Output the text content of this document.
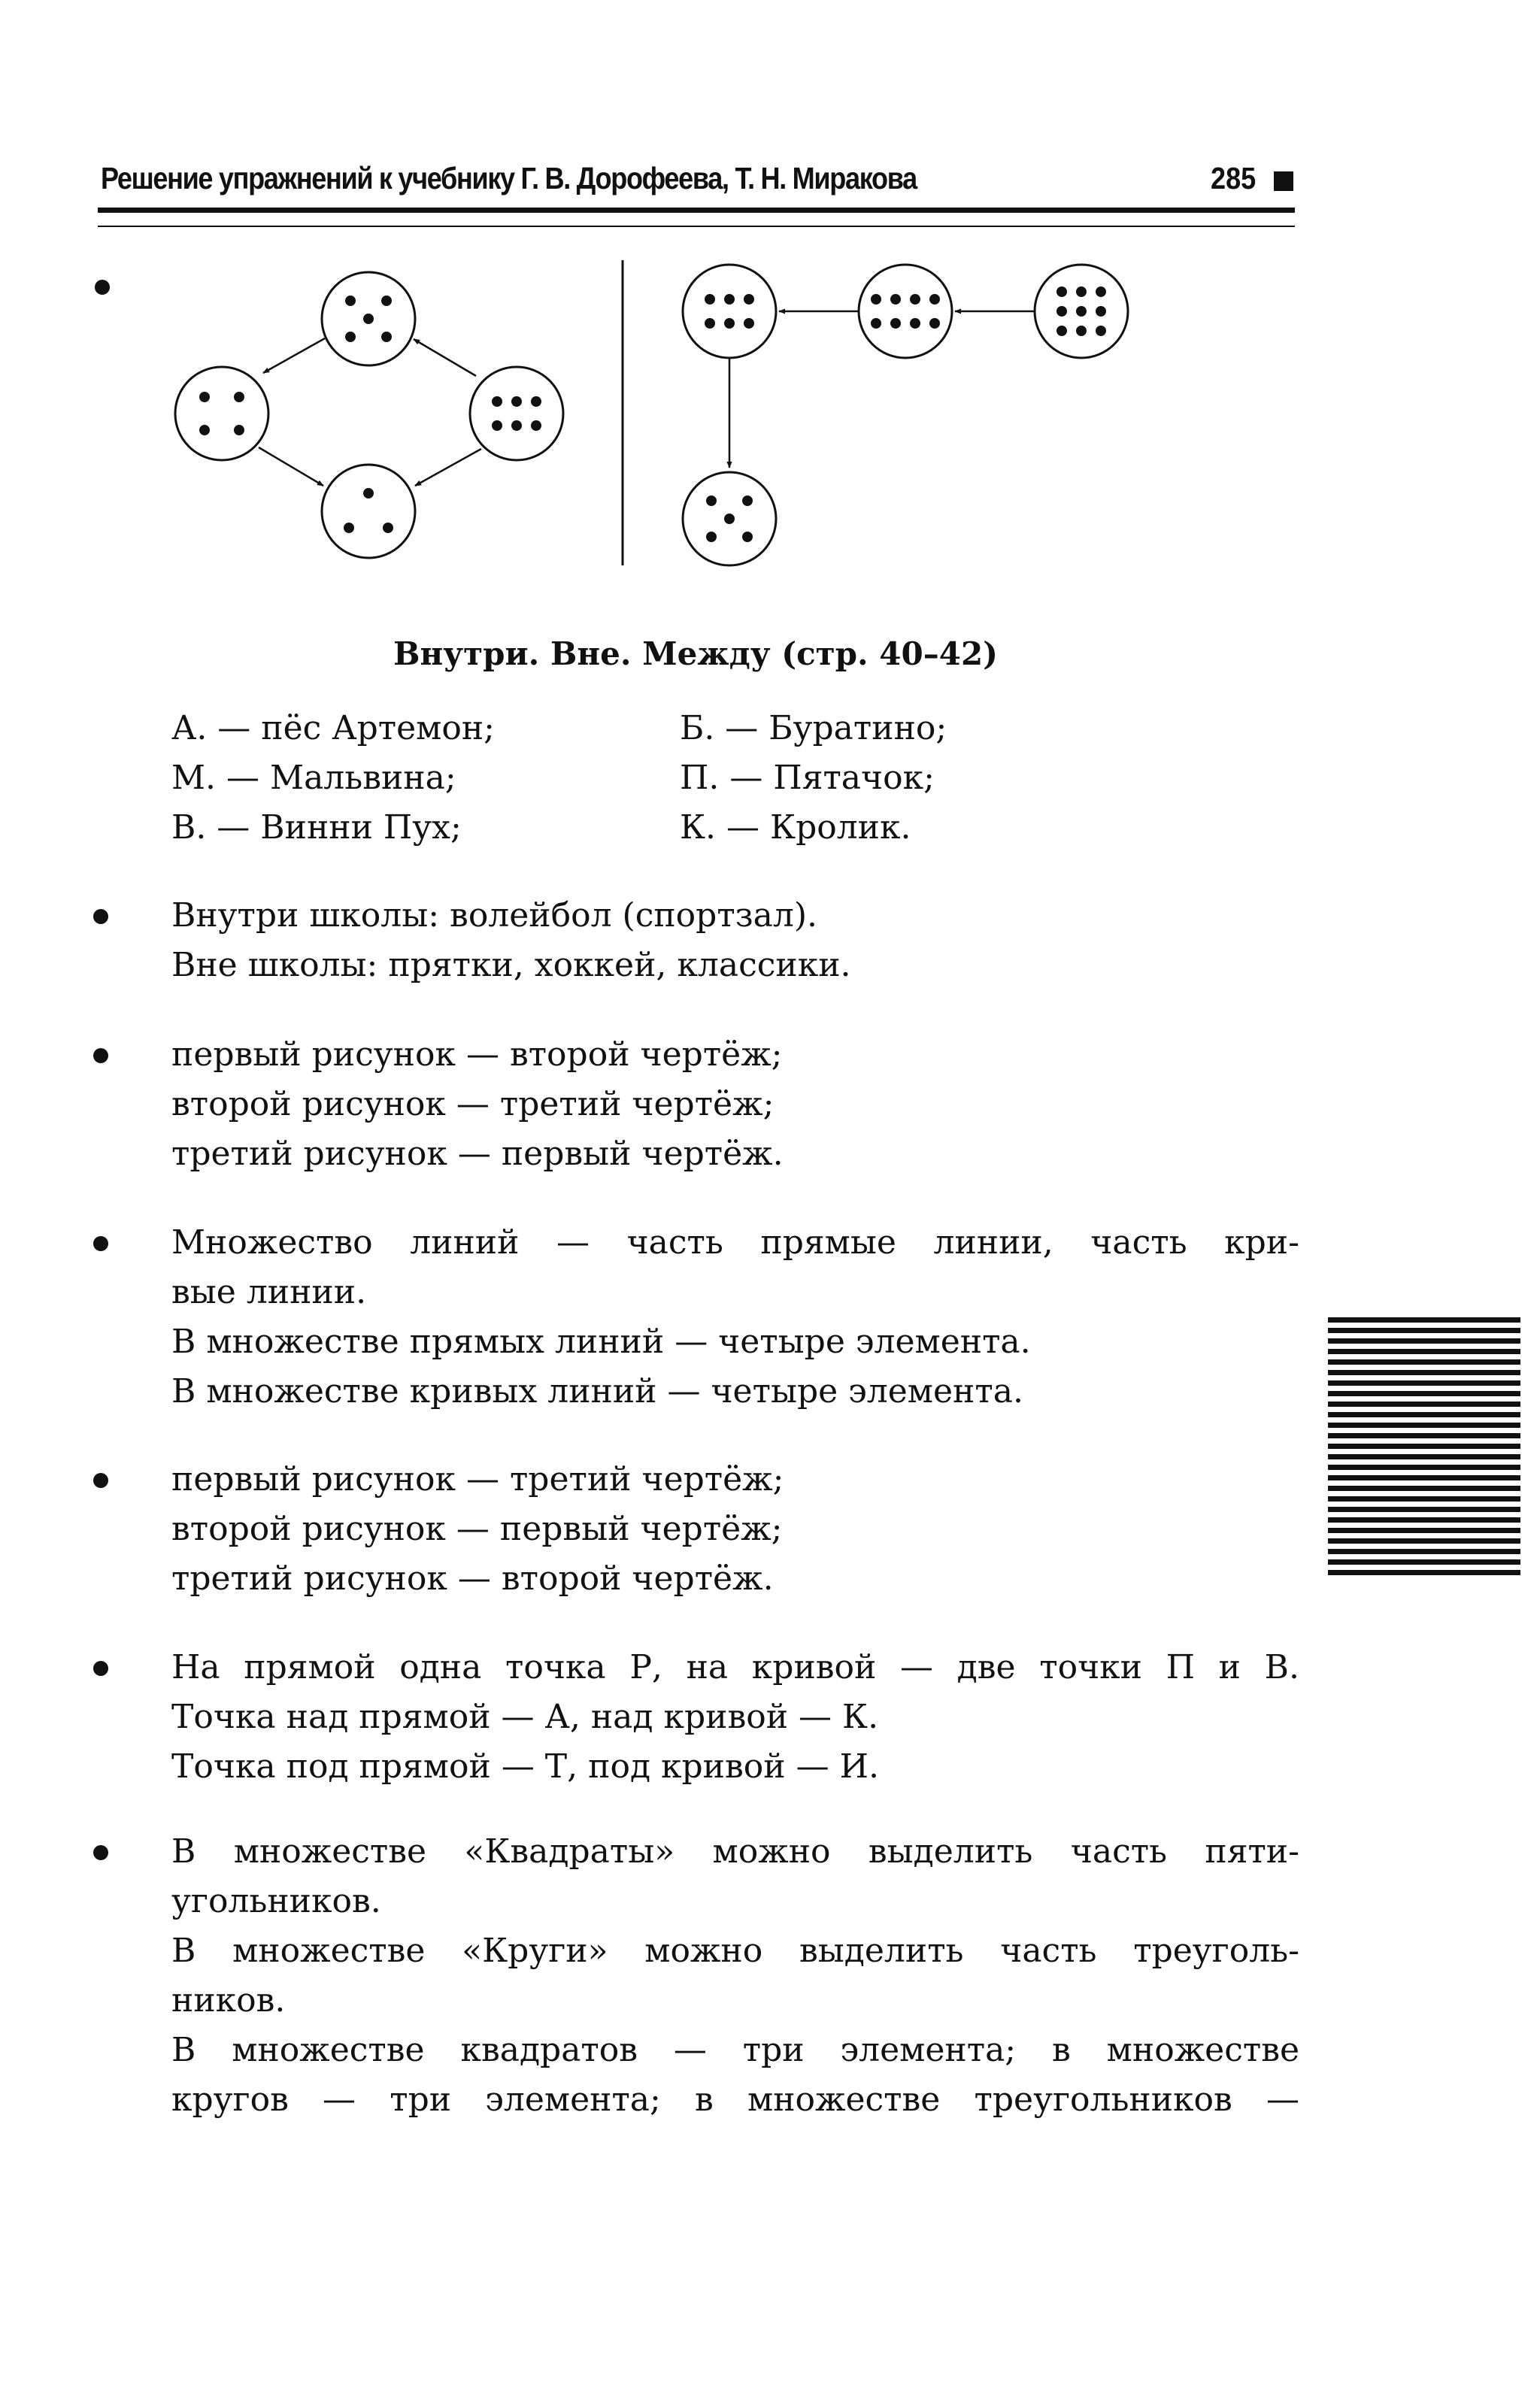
Решение упражнений к учебнику Г. В. Дорофеева, Т. Н. Миракова	285
Внутри. Вне. Между (стр. 40–42)
А. — пёс Артемон;	Б. — Буратино;
М. — Мальвина;	П. — Пятачок;
В. — Винни Пух;	К. — Кролик.
Внутри школы: волейбол (спортзал).
Вне школы: прятки, хоккей, классики.
первый рисунок — второй чертёж;
второй рисунок — третий чертёж;
третий рисунок — первый чертёж.
Множество линий — часть прямые линии, часть кри-
вые линии.
В множестве прямых линий — четыре элемента.
В множестве кривых линий — четыре элемента.
первый рисунок — третий чертёж;
второй рисунок — первый чертёж;
третий рисунок — второй чертёж.
На прямой одна точка Р, на кривой — две точки П и В.
Точка над прямой — А, над кривой — К.
Точка под прямой — Т, под кривой — И.
В множестве «Квадраты» можно выделить часть пяти-
угольников.
В множестве «Круги» можно выделить часть треуголь-
ников.
В множестве квадратов — три элемента; в множестве
кругов — три элемента; в множестве треугольников —
